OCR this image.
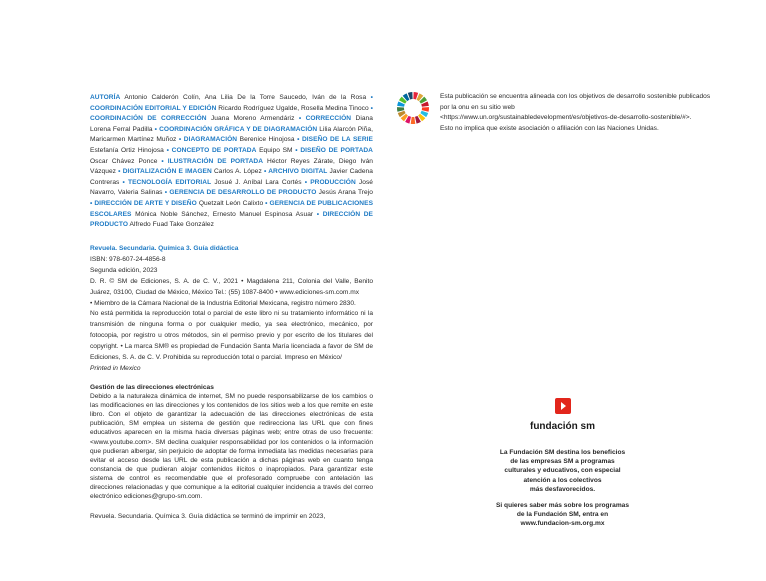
AUTORÍA Antonio Calderón Colín, Ana Lilia De la Torre Saucedo, Iván de la Rosa • COORDINACIÓN EDITORIAL Y EDICIÓN Ricardo Rodríguez Ugalde, Rosella Medina Tinoco • COORDINACIÓN DE CORRECCIÓN Juana Moreno Armendáriz • CORRECCIÓN Diana Lorena Ferral Padilla • COORDINACIÓN GRÁFICA Y DE DIAGRAMACIÓN Lilia Alarcón Piña, Maricarmen Martínez Muñoz • DIAGRAMACIÓN Berenice Hinojosa • DISEÑO DE LA SERIE Estefanía Ortiz Hinojosa • CONCEPTO DE PORTADA Equipo SM • DISEÑO DE PORTADA Oscar Chávez Ponce • ILUSTRACIÓN DE PORTADA Héctor Reyes Zárate, Diego Iván Vázquez • DIGITALIZACIÓN E IMAGEN Carlos A. López • ARCHIVO DIGITAL Javier Cadena Contreras • TECNOLOGÍA EDITORIAL Josué J. Aníbal Lara Cortés • PRODUCCIÓN José Navarro, Valeria Salinas • GERENCIA DE DESARROLLO DE PRODUCTO Jesús Arana Trejo • DIRECCIÓN DE ARTE Y DISEÑO Quetzalt León Calixto • GERENCIA DE PUBLICACIONES ESCOLARES Mónica Noble Sánchez, Ernesto Manuel Espinosa Asuar • DIRECCIÓN DE PRODUCTO Alfredo Fuad Take González

Revuela. Secundaria. Química 3. Guía didáctica

ISBN: 978-607-24-4856-8

Segunda edición, 2023

D. R. © SM de Ediciones, S. A. de C. V., 2021 • Magdalena 211, Colonia del Valle, Benito Juárez, 03100, Ciudad de México, México Tel.: (55) 1087-8400 • www.ediciones-sm.com.mx

• Miembro de la Cámara Nacional de la Industria Editorial Mexicana, registro número 2830.

No está permitida la reproducción total o parcial de este libro ni su tratamiento informático ni la transmisión de ninguna forma o por cualquier medio, ya sea electrónico, mecánico, por fotocopia, por registro u otros métodos, sin el permiso previo y por escrito de los titulares del copyright. • La marca SM® es propiedad de Fundación Santa María licenciada a favor de SM de Ediciones, S. A. de C. V. Prohibida su reproducción total o parcial. Impreso en México/

Printed in Mexico

Gestión de las direcciones electrónicas
Debido a la naturaleza dinámica de internet, SM no puede responsabilizarse de los cambios o las modificaciones en las direcciones y los contenidos de los sitios web a los que remite en este libro. Con el objeto de garantizar la adecuación de las direcciones electrónicas de esta publicación, SM emplea un sistema de gestión que redirecciona las URL que con fines educativos aparecen en la misma hacia diversas páginas web; entre otras de uso frecuente: <www.youtube.com>. SM declina cualquier responsabilidad por los contenidos o la información que pudieran albergar, sin perjuicio de adoptar de forma inmediata las medidas necesarias para evitar el acceso desde las URL de esta publicación a dichas páginas web en cuanto tenga constancia de que pudieran alojar contenidos ilícitos o inapropiados. Para garantizar este sistema de control es recomendable que el profesorado compruebe con antelación las direcciones relacionadas y que comunique a la editorial cualquier incidencia a través del correo electrónico ediciones@grupo-sm.com.
Revuela. Secundaria. Química 3. Guía didáctica se terminó de imprimir en 2023,
Esta publicación se encuentra alineada con los objetivos de desarrollo sostenible publicados
por la onu en su sitio web
<https://www.un.org/sustainabledevelopment/es/objetivos-de-desarrollo-sostenible/#>.
Esto no implica que existe asociación o afiliación con las Naciones Unidas.
fundación sm
La Fundación SM destina los beneficios
de las empresas SM a programas
culturales y educativos, con especial
atención a los colectivos
más desfavorecidos.
Si quieres saber más sobre los programas
de la Fundación SM, entra en
www.fundacion-sm.org.mx
